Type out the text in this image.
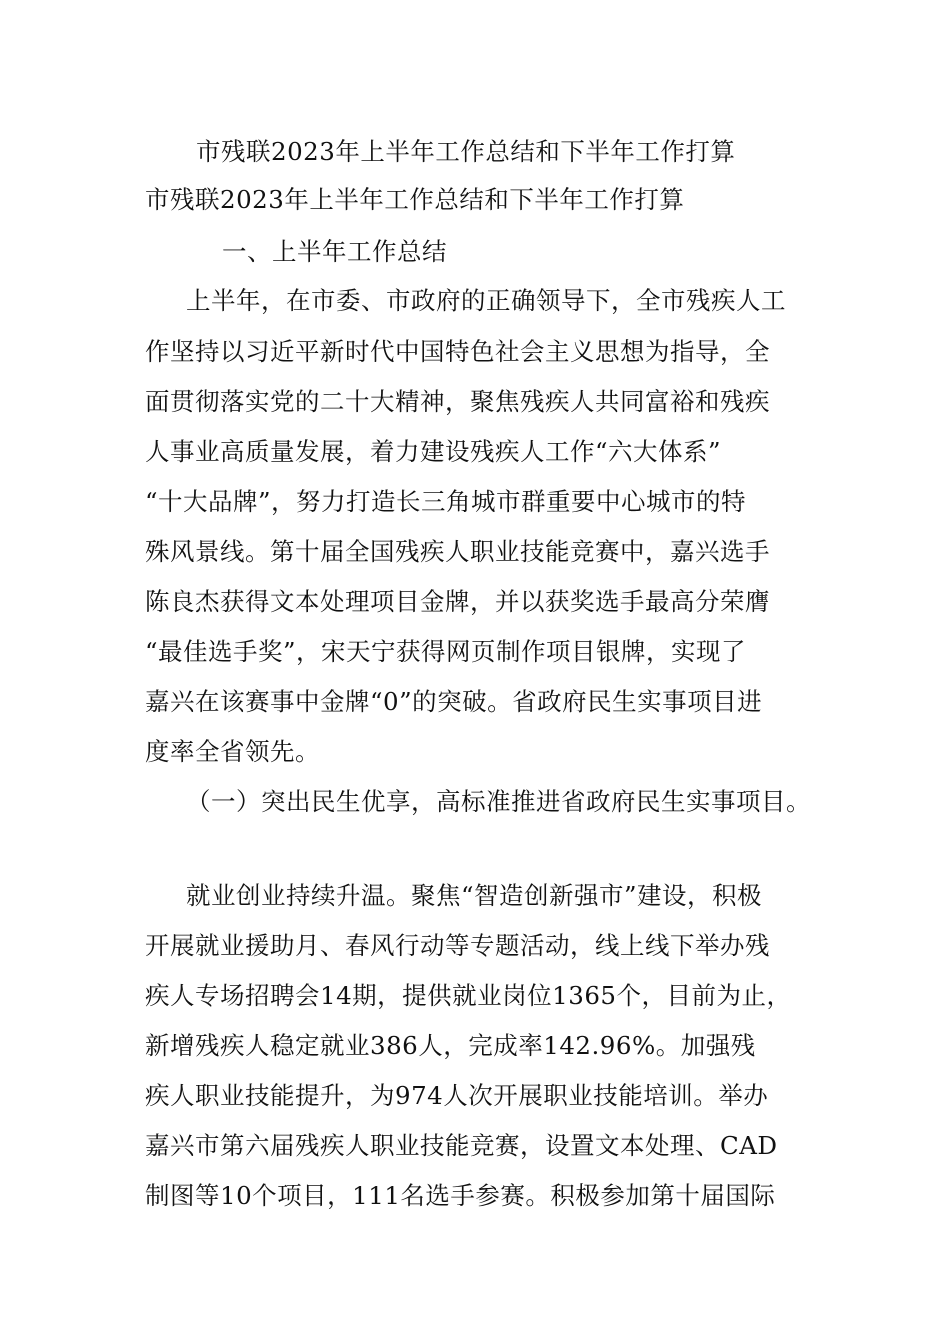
市残联2023年上半年工作总结和下半年工作打算
市残联2023年上半年工作总结和下半年工作打算
一、上半年工作总结
上半年，在市委、市政府的正确领导下，全市残疾人工
作坚持以习近平新时代中国特色社会主义思想为指导，全
面贯彻落实党的二十大精神，聚焦残疾人共同富裕和残疾
人事业高质量发展，着力建设残疾人工作“六大体系”
“十大品牌”，努力打造长三角城市群重要中心城市的特
殊风景线。第十届全国残疾人职业技能竞赛中，嘉兴选手
陈良杰获得文本处理项目金牌，并以获奖选手最高分荣膺
“最佳选手奖”，宋天宁获得网页制作项目银牌，实现了
嘉兴在该赛事中金牌“0”的突破。省政府民生实事项目进
度率全省领先。
（一）突出民生优享，高标准推进省政府民生实事项目。
就业创业持续升温。聚焦“智造创新强市”建设，积极
开展就业援助月、春风行动等专题活动，线上线下举办残
疾人专场招聘会14期，提供就业岗位1365个，目前为止，
新增残疾人稳定就业386人，完成率142.96%。加强残
疾人职业技能提升，为974人次开展职业技能培训。举办
嘉兴市第六届残疾人职业技能竞赛，设置文本处理、CAD
制图等10个项目，111名选手参赛。积极参加第十届国际
